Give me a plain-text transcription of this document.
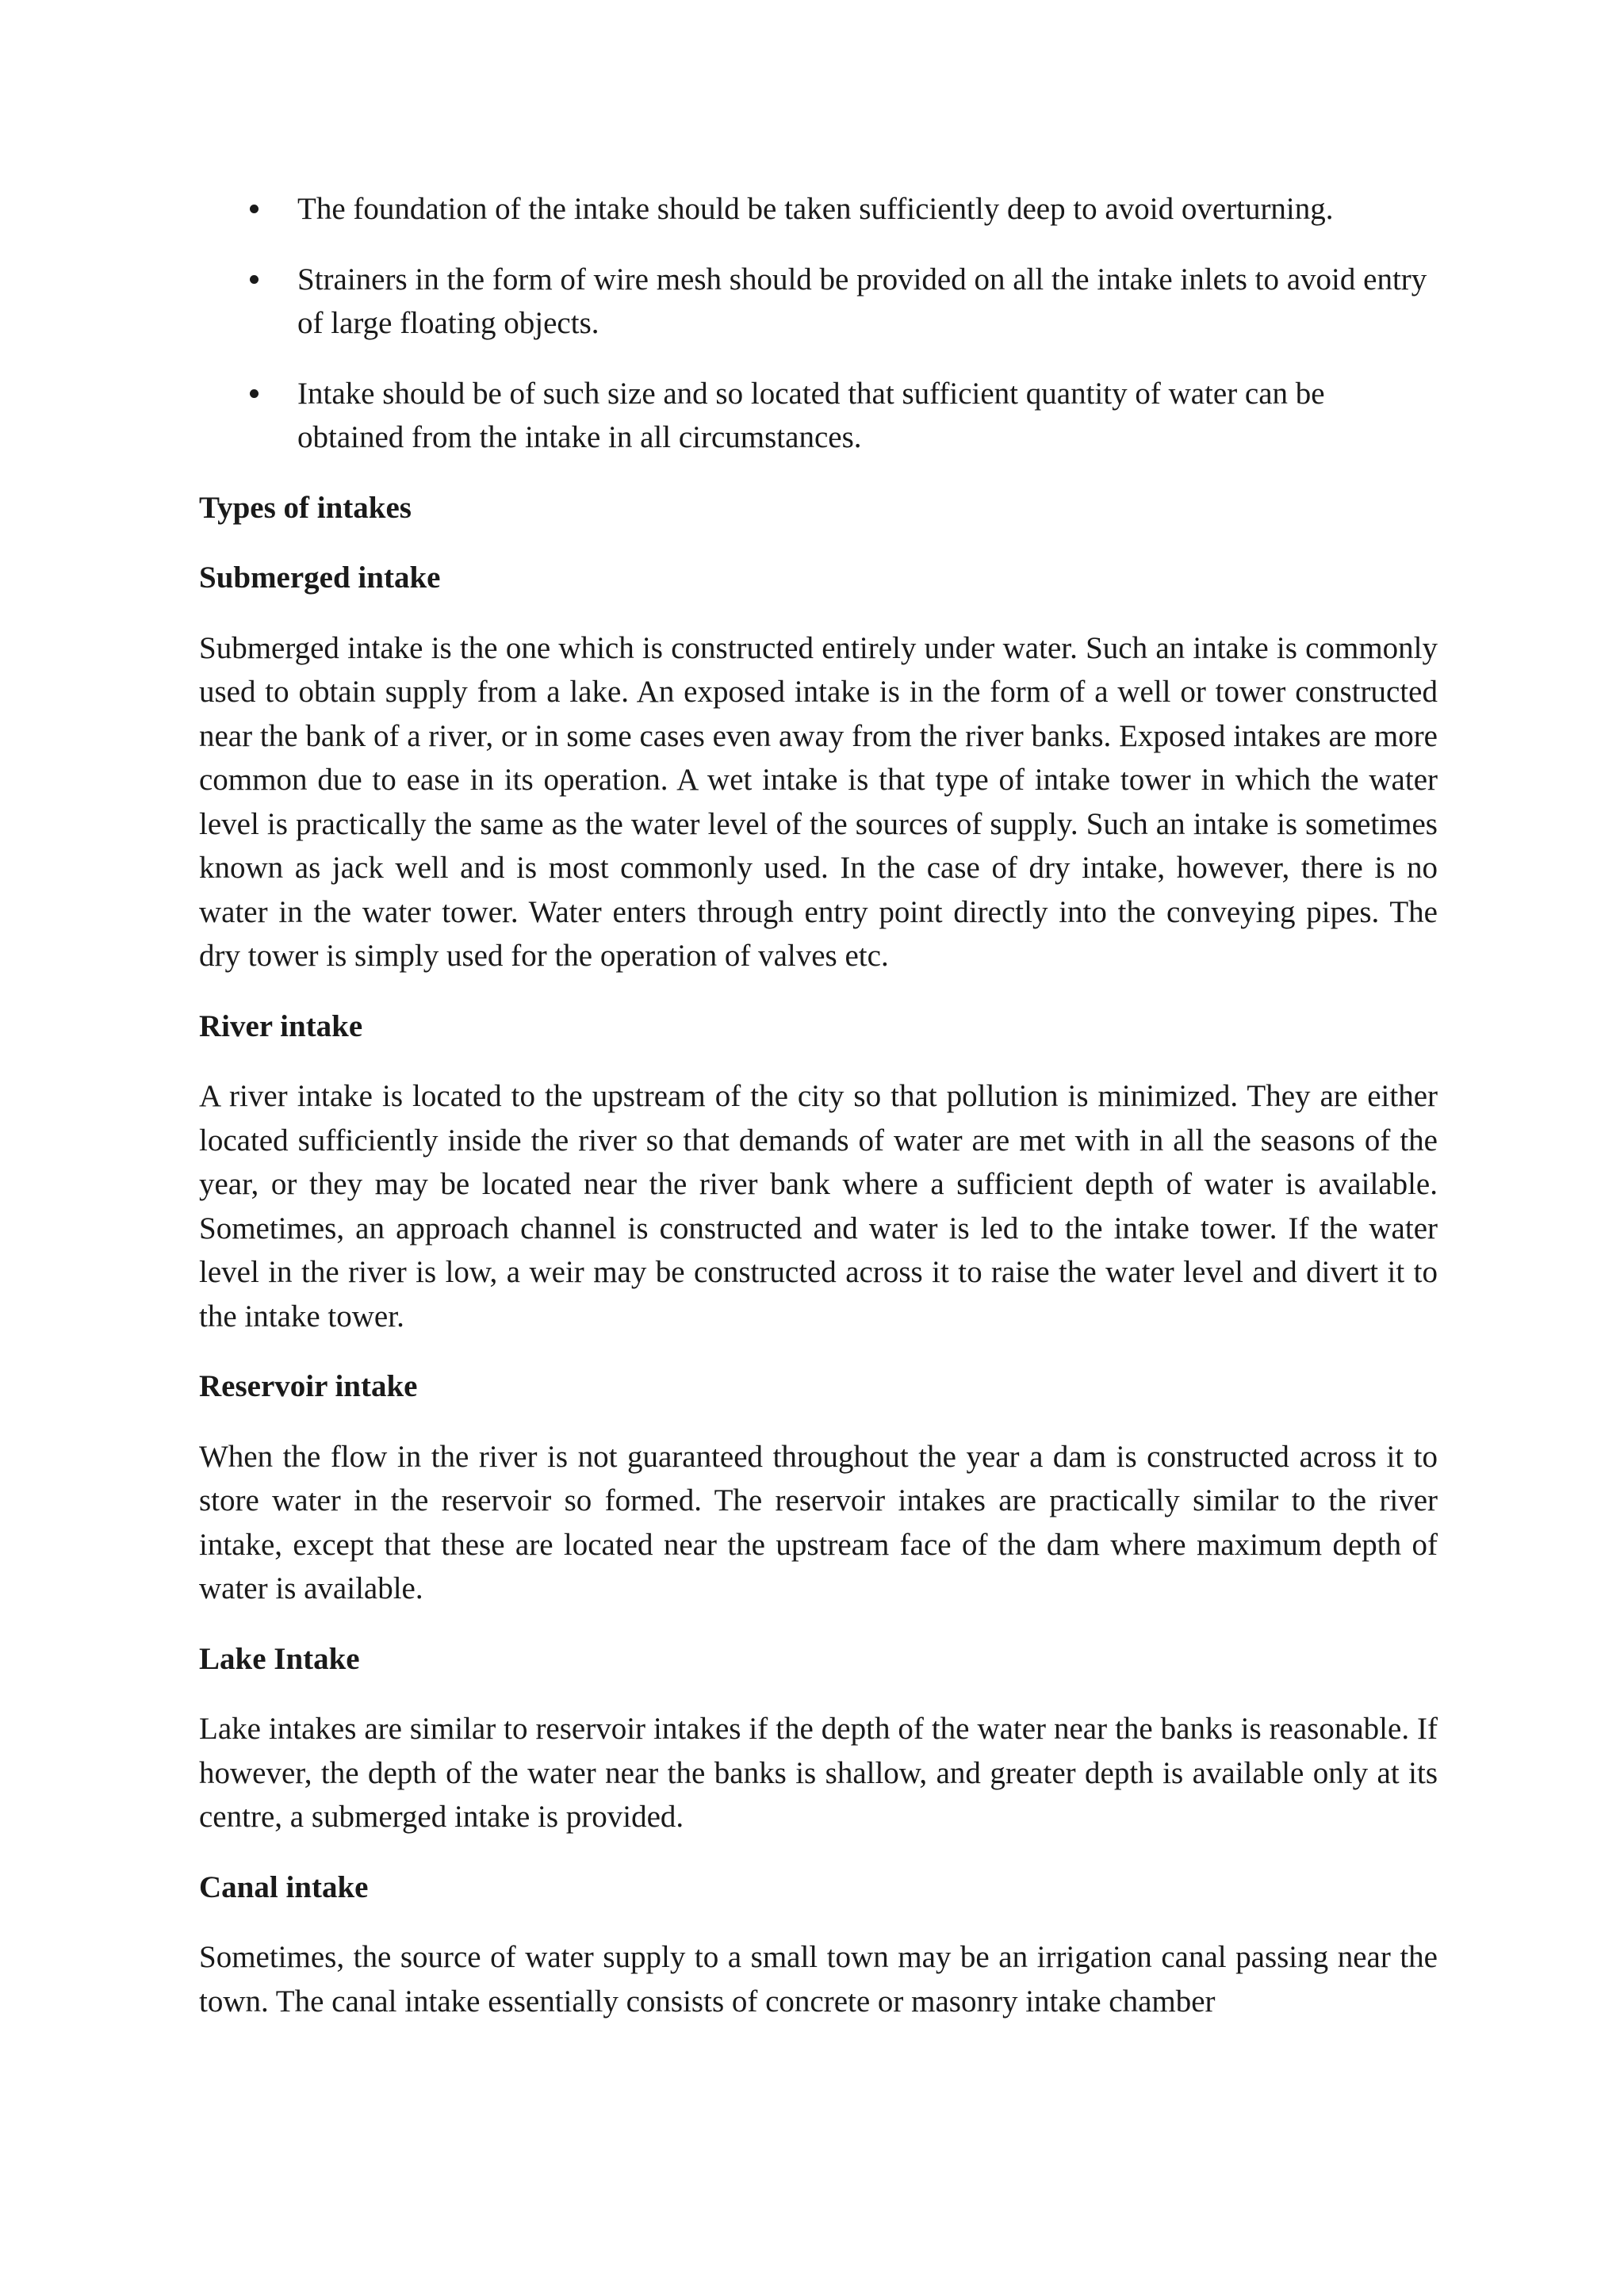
The foundation of the intake should be taken sufficiently deep to avoid overturning.
Strainers in the form of wire mesh should be provided on all the intake inlets to avoid entry of large floating objects.
Intake should be of such size and so located that sufficient quantity of water can be obtained from the intake in all circumstances.
Types of intakes
Submerged intake

Submerged intake is the one which is constructed entirely under water. Such an intake is commonly used to obtain supply from a lake. An exposed intake is in the form of a well or tower constructed near the bank of a river, or in some cases even away from the river banks. Exposed intakes are more common due to ease in its operation. A wet intake is that type of intake tower in which the water level is practically the same as the water level of the sources of supply. Such an intake is sometimes known as jack well and is most commonly used. In the case of dry intake, however, there is no water in the water tower. Water enters through entry point directly into the conveying pipes. The dry tower is simply used for the operation of valves etc.

River intake

A river intake is located to the upstream of the city so that pollution is minimized. They are either located sufficiently inside the river so that demands of water are met with in all the seasons of the year, or they may be located near the river bank where a sufficient depth of water is available. Sometimes, an approach channel is constructed and water is led to the intake tower. If the water level in the river is low, a weir may be constructed across it to raise the water level and divert it to the intake tower.

Reservoir intake

When the flow in the river is not guaranteed throughout the year a dam is constructed across it to store water in the reservoir so formed. The reservoir intakes are practically similar to the river intake, except that these are located near the upstream face of the dam where maximum depth of water is available.

Lake Intake

Lake intakes are similar to reservoir intakes if the depth of the water near the banks is reasonable. If however, the depth of the water near the banks is shallow, and greater depth is available only at its centre, a submerged intake is provided.

Canal intake

Sometimes, the source of water supply to a small town may be an irrigation canal passing near the town. The canal intake essentially consists of concrete or masonry intake chamber
